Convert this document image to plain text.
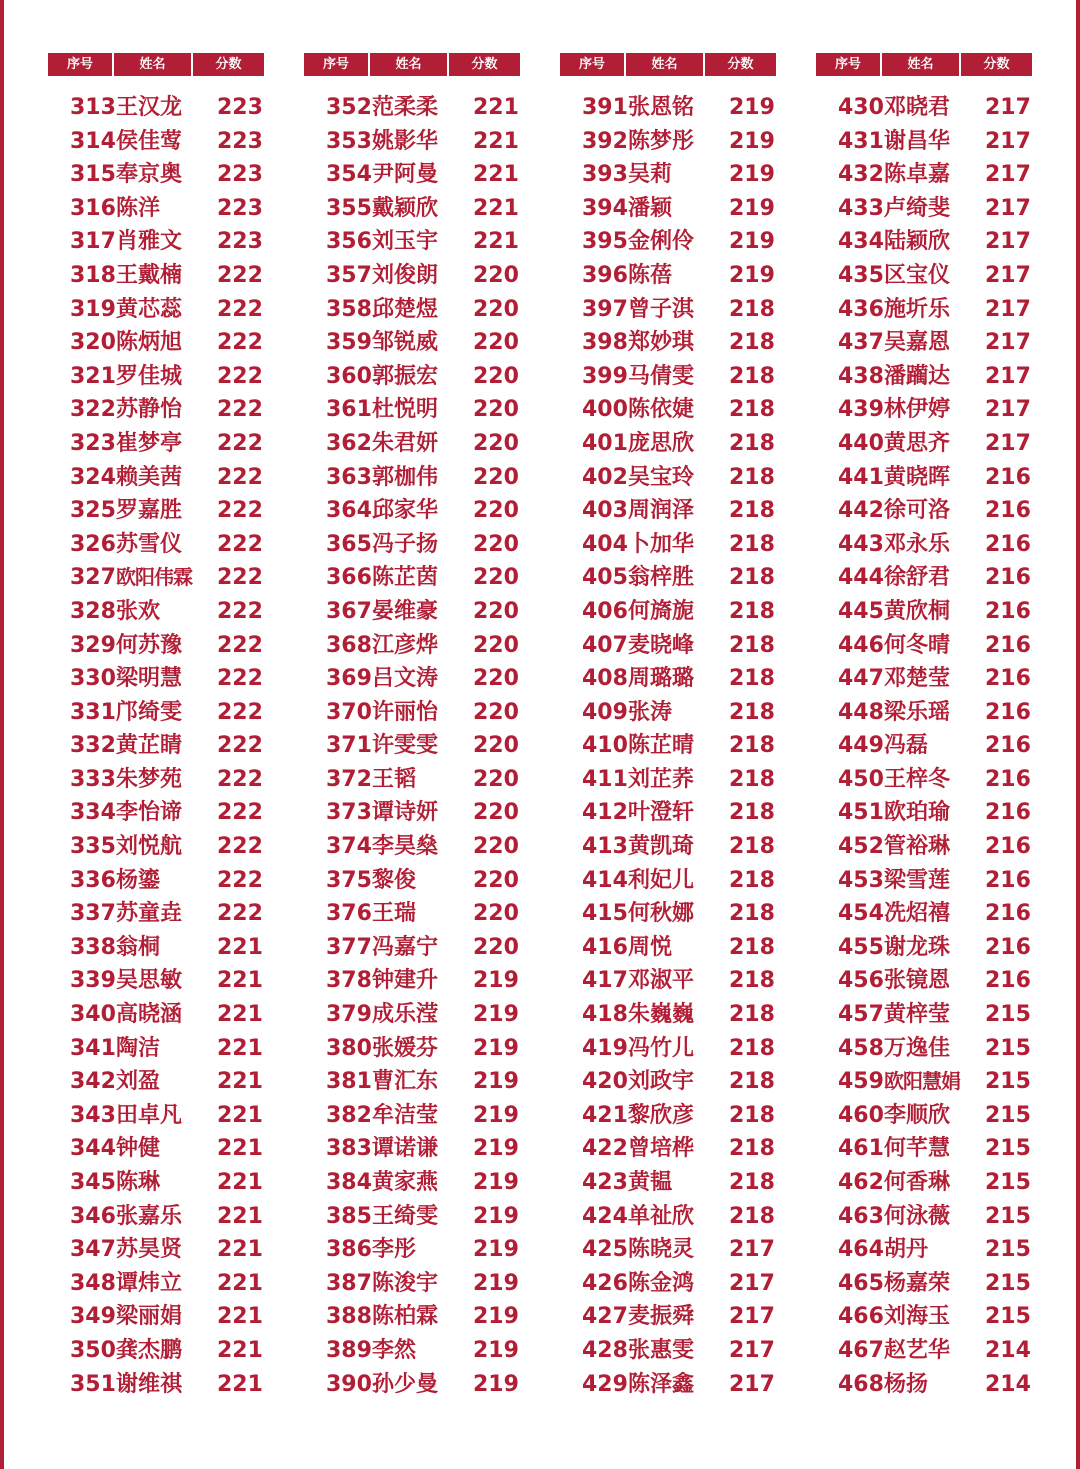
序号	姓名	分数
313 王汉龙	223
314 侯佳莺	223
315 奉京奥	223
316 陈洋	223
317 肖雅文	223
318 王戴楠	222
319 黄芯蕊	222
320 陈炳旭	222
321 罗佳城	222
322 苏静怡	222
323 崔梦亭	222
324 赖美茜	222
325 罗嘉胜	222
326 苏雪仪	222
327 欧阳伟霖	222
328 张欢	222
329 何苏豫	222
330 梁明慧	222
331 邝绮雯	222
332 黄芷睛	222
333 朱梦苑	222
334 李怡谛	222
335 刘悦航	222
336 杨鎏	222
337 苏童垚	222
338 翁桐	221
339 吴思敏	221
340 高晓涵	221
341 陶洁	221
342 刘盈	221
343 田卓凡	221
344 钟健	221
345 陈琳	221
346 张嘉乐	221
347 苏昊贤	221
348 谭炜立	221
349 梁丽娟	221
350 龚杰鹏	221
351 谢维祺	221
序号	姓名	分数
352 范柔柔	221
353 姚影华	221
354 尹阿曼	221
355 戴颖欣	221
356 刘玉宇	221
357 刘俊朗	220
358 邱楚煜	220
359 邹锐威	220
360 郭振宏	220
361 杜悦明	220
362 朱君妍	220
363 郭枷伟	220
364 邱家华	220
365 冯子扬	220
366 陈芷茵	220
367 晏维豪	220
368 江彦烨	220
369 吕文涛	220
370 许丽怡	220
371 许雯雯	220
372 王韬	220
373 谭诗妍	220
374 李昊燊	220
375 黎俊	220
376 王瑞	220
377 冯嘉宁	220
378 钟建升	219
379 成乐滢	219
380 张媛芬	219
381 曹汇东	219
382 牟洁莹	219
383 谭诺谦	219
384 黄家燕	219
385 王绮雯	219
386 李彤	219
387 陈浚宇	219
388 陈柏霖	219
389 李然	219
390 孙少曼	219
序号	姓名	分数
391 张恩铭	219
392 陈梦彤	219
393 吴莉	219
394 潘颖	219
395 金俐伶	219
396 陈蓓	219
397 曾子淇	218
398 郑妙琪	218
399 马倩雯	218
400 陈依婕	218
401 庞思欣	218
402 吴宝玲	218
403 周润泽	218
404 卜加华	218
405 翁梓胜	218
406 何旖旎	218
407 麦晓峰	218
408 周璐璐	218
409 张涛	218
410 陈芷晴	218
411 刘芷荞	218
412 叶澄轩	218
413 黄凯琦	218
414 利妃儿	218
415 何秋娜	218
416 周悦	218
417 邓淑平	218
418 朱巍巍	218
419 冯竹儿	218
420 刘政宇	218
421 黎欣彦	218
422 曾培桦	218
423 黄韫	218
424 单祉欣	218
425 陈晓灵	217
426 陈金鸿	217
427 麦振舜	217
428 张惠雯	217
429 陈泽鑫	217
序号	姓名	分数
430 邓晓君	217
431 谢昌华	217
432 陈卓嘉	217
433 卢绮斐	217
434 陆颖欣	217
435 区宝仪	217
436 施圻乐	217
437 吴嘉恩	217
438 潘躏达	217
439 林伊婷	217
440 黄思齐	217
441 黄晓晖	216
442 徐可洛	216
443 邓永乐	216
444 徐舒君	216
445 黄欣桐	216
446 何冬晴	216
447 邓楚莹	216
448 梁乐瑶	216
449 冯磊	216
450 王梓冬	216
451 欧珀瑜	216
452 管裕琳	216
453 梁雪莲	216
454 冼炤禧	216
455 谢龙珠	216
456 张镜恩	216
457 黄梓莹	215
458 万逸佳	215
459 欧阳慧娟	215
460 李顺欣	215
461 何芊慧	215
462 何香琳	215
463 何泳薇	215
464 胡丹	215
465 杨嘉荣	215
466 刘海玉	215
467 赵艺华	214
468 杨扬	214
